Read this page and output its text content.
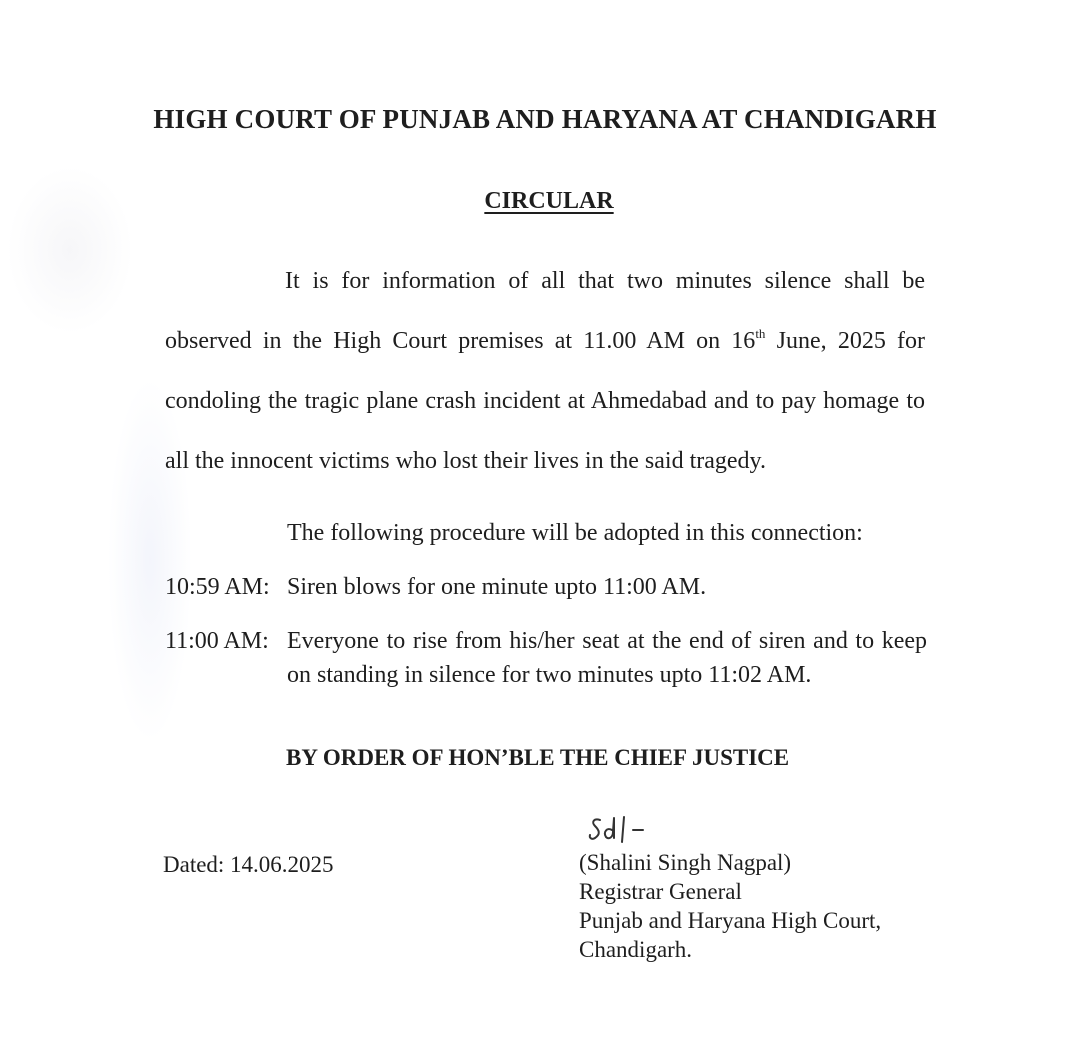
HIGH COURT OF PUNJAB AND HARYANA AT CHANDIGARH
CIRCULAR
It is for information of all that two minutes silence shall be
observed in the High Court premises at 11.00 AM on 16th June, 2025 for
condoling the tragic plane crash incident at Ahmedabad and to pay homage to
all the innocent victims who lost their lives in the said tragedy.
The following procedure will be adopted in this connection:
10:59 AM: Siren blows for one minute upto 11:00 AM.
11:00 AM: Everyone to rise from his/her seat at the end of siren and to keep
on standing in silence for two minutes upto 11:02 AM.
BY ORDER OF HON’BLE THE CHIEF JUSTICE
Dated: 14.06.2025	(Shalini Singh Nagpal)
Registrar General
Punjab and Haryana High Court,
Chandigarh.
